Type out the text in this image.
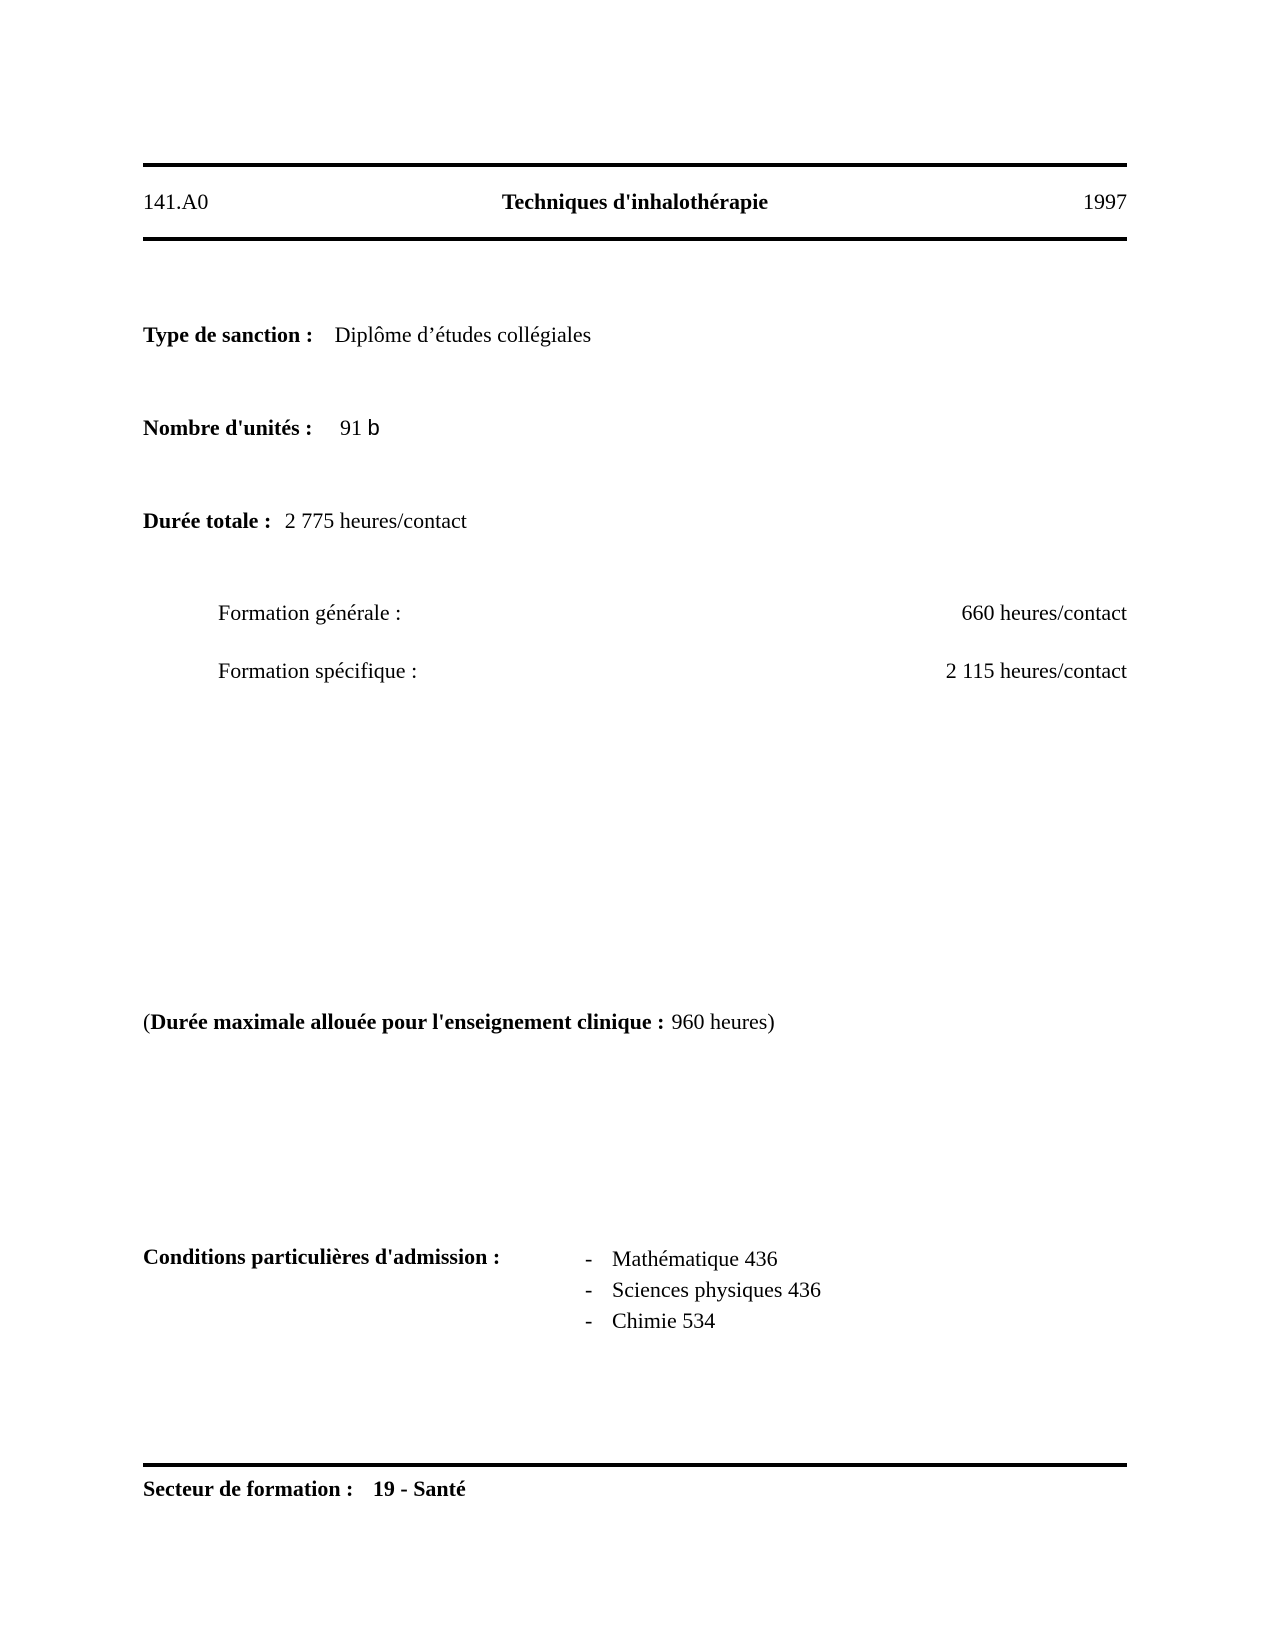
141.A0	Techniques d'inhalothérapie	1997
Type de sanction : Diplôme d’études collégiales
Nombre d'unités : 91 b
Durée totale : 2 775 heures/contact
Formation générale :	660 heures/contact
Formation spécifique :	2 115 heures/contact
(Durée maximale allouée pour l'enseignement clinique : 960 heures)
Conditions particulières d'admission :	- Mathématique 436
- Sciences physiques 436
- Chimie 534
Secteur de formation : 19 - Santé
